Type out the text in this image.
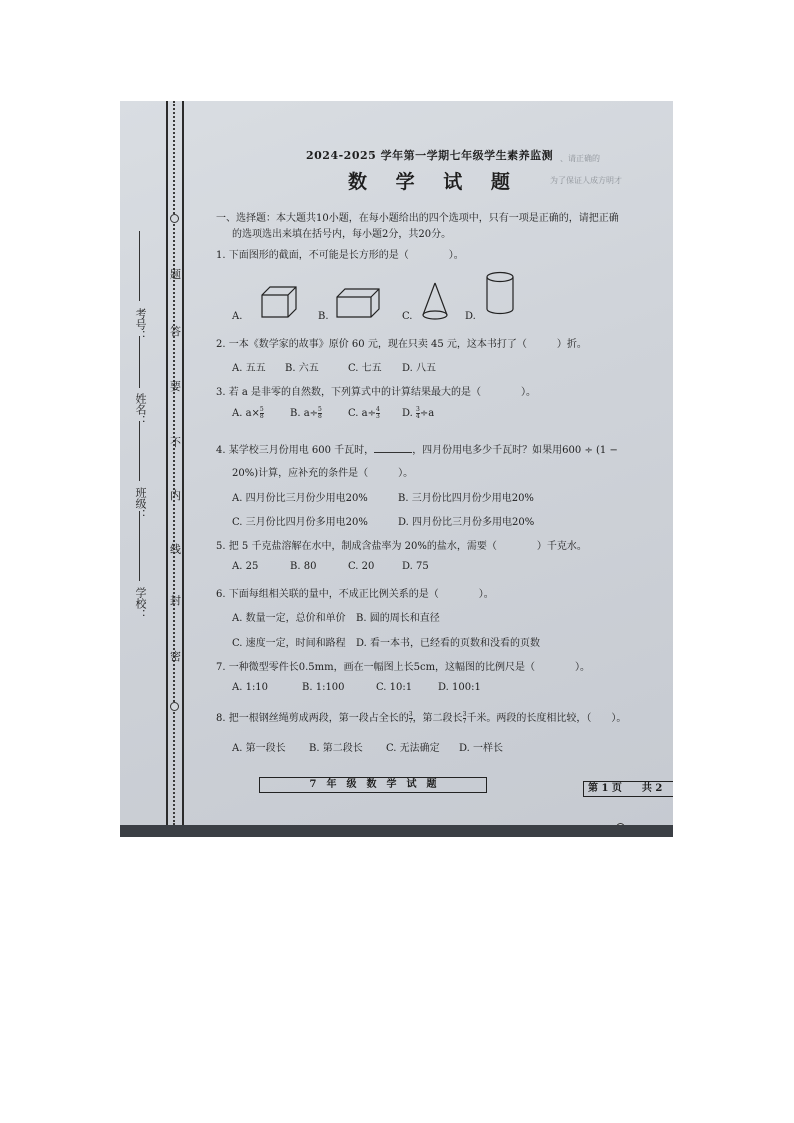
、请正确的
为了保证人成方明才
考号：
姓名：
班级：
学校：
题
答
要
不
内
线
封
密
2024-2025 学年第一学期七年级学生素养监测
数 学 试 题
一、选择题：本大题共10小题，在每小题给出的四个选项中，只有一项是正确的，请把正确
的选项选出来填在括号内，每小题2分，共20分。
1. 下面图形的截面，不可能是长方形的是（　　　　）。
A.	B.	C.	D.
2. 一本《数学家的故事》原价 60 元，现在只卖 45 元，这本书打了（　　　）折。
A. 五五 B. 六五	C. 七五 D. 八五
3. 若 a 是非零的自然数，下列算式中的计算结果最大的是（　　　　）。
A. $a\times \frac{5}{8}$	B. $a\div \frac{5}{8}$	C. $a\div \frac{4}{3} D$. $\frac{3}{4} \div a$
4. 某学校三月份用电 600 千瓦时，	，四月份用电多少千瓦时？如果用600 ÷ (1 −
20%)计算，应补充的条件是（　　　）。
A. 四月份比三月份少用电20%	B. 三月份比四月份少用电20%
C. 三月份比四月份多用电20%	D. 四月份比三月份多用电20%
5. 把 5 千克盐溶解在水中，制成含盐率为 20%的盐水，需要（　　　　）千克水。
A. 25	B. 80	C. 20	D. 75
6. 下面每组相关联的量中，不成正比例关系的是（　　　　）。
A. 数量一定，总价和单价 B. 圆的周长和直径
C. 速度一定，时间和路程 D. 看一本书，已经看的页数和没看的页数
7. 一种微型零件长0.5mm，画在一幅图上长5cm，这幅图的比例尺是（　　　　）。
A. 1:10	B. 1:100	C. 10:1	D. 100:1
8. 把一根钢丝绳剪成两段，第一段占全长的 $\frac{3}{7}$ ，第二段长 $\frac{3}{7}$ 千米。两段的长度相比较，（　　）。
A. 第一段长 B. 第二段长 C. 无法确定 D. 一样长
7　年　级　数　学　试　题	第 1 页　　共 2
